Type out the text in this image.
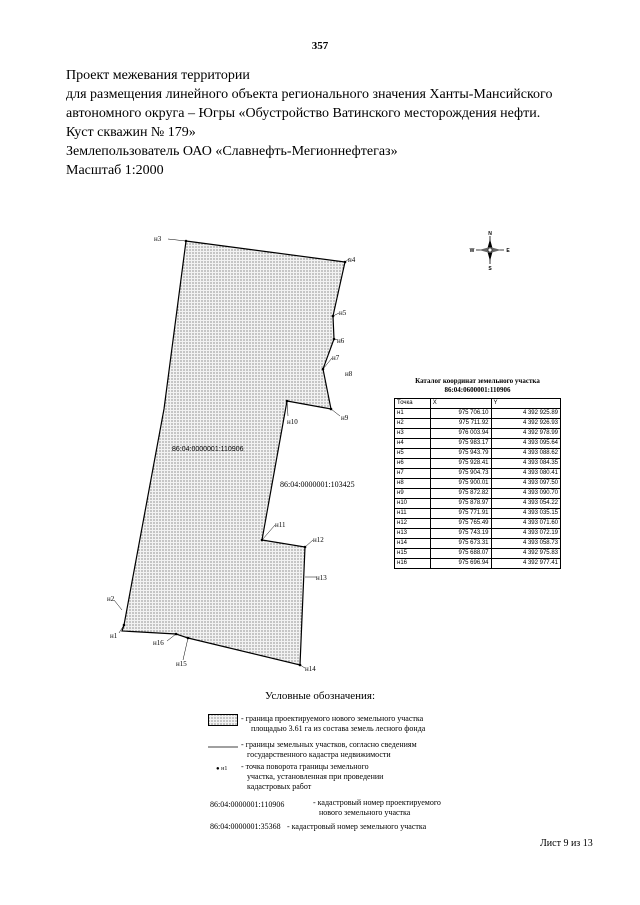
357
Проект межевания территории
для размещения линейного объекта регионального значения Ханты-Мансийского
автономного округа – Югры «Обустройство Ватинского месторождения нефти.
Куст скважин № 179»
Землепользователь ОАО «Славнефть-Мегионнефтегаз»
Масштаб 1:2000
N
S
E
W
н3
н4
н5
н6
н7
н8
н9
н10
н11
н12
н13
н14
н15
н16
н1
н2
86:04:0000001:110906
86:04:0000001:103425
Каталог координат земельного участка
86:04:0600001:110906
Точка	X	Y
н1	975 706.10	4 392 925.89
н2	975 711.92	4 392 926.93
н3	976 003.94	4 392 978.99
н4	975 983.17	4 393 095.64
н5	975 943.79	4 393 088.62
н6	975 928.41	4 393 084.35
н7	975 904.73	4 393 080.41
н8	975 900.01	4 393 097.50
н9	975 872.82	4 393 090.70
н10	975 878.97	4 393 054.22
н11	975 771.91	4 393 035.15
н12	975 765.49	4 393 071.60
н13	975 743.19	4 393 072.19
н14	975 673.31	4 393 058.73
н15	975 688.07	4 392 975.83
н16	975 696.94	4 392 977.41
Условные обозначения:
- граница проектируемого нового земельного участка
площадью 3.61 га из состава земель лесного фонда
- границы земельных участков, согласно сведениям
государственного кадастра недвижимости
● н1 - точка поворота границы земельного
участка, установленная при проведении
кадастровых работ
86:04:0000001:110906	- кадастровый номер проектируемого
нового земельного участка
86:04:0000001:35368 - кадастровый номер земельного участка
Лист 9 из 13
